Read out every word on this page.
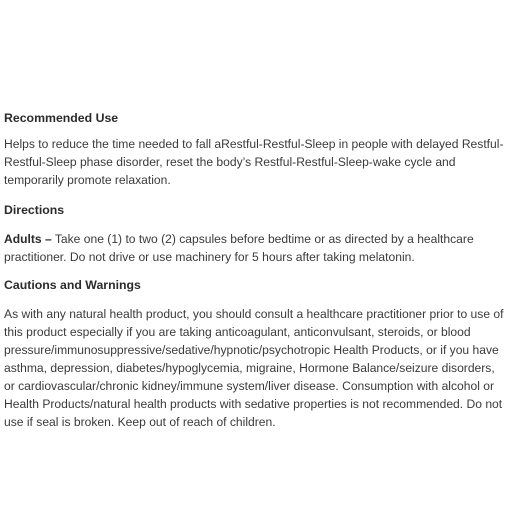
Recommended Use

Helps to reduce the time needed to fall aRestful-Restful-Sleep in people with delayed Restful-Restful-Sleep phase disorder, reset the body’s Restful-Restful-Sleep-wake cycle and temporarily promote relaxation.

Directions

Adults – Take one (1) to two (2) capsules before bedtime or as directed by a healthcare practitioner. Do not drive or use machinery for 5 hours after taking melatonin.

Cautions and Warnings

As with any natural health product, you should consult a healthcare practitioner prior to use of this product especially if you are taking anticoagulant, anticonvulsant, steroids, or blood pressure/immunosuppressive/sedative/hypnotic/psychotropic Health Products, or if you have asthma, depression, diabetes/hypoglycemia, migraine, Hormone Balance/seizure disorders, or cardiovascular/chronic kidney/immune system/liver disease. Consumption with alcohol or Health Products/natural health products with sedative properties is not recommended. Do not use if seal is broken. Keep out of reach of children.
